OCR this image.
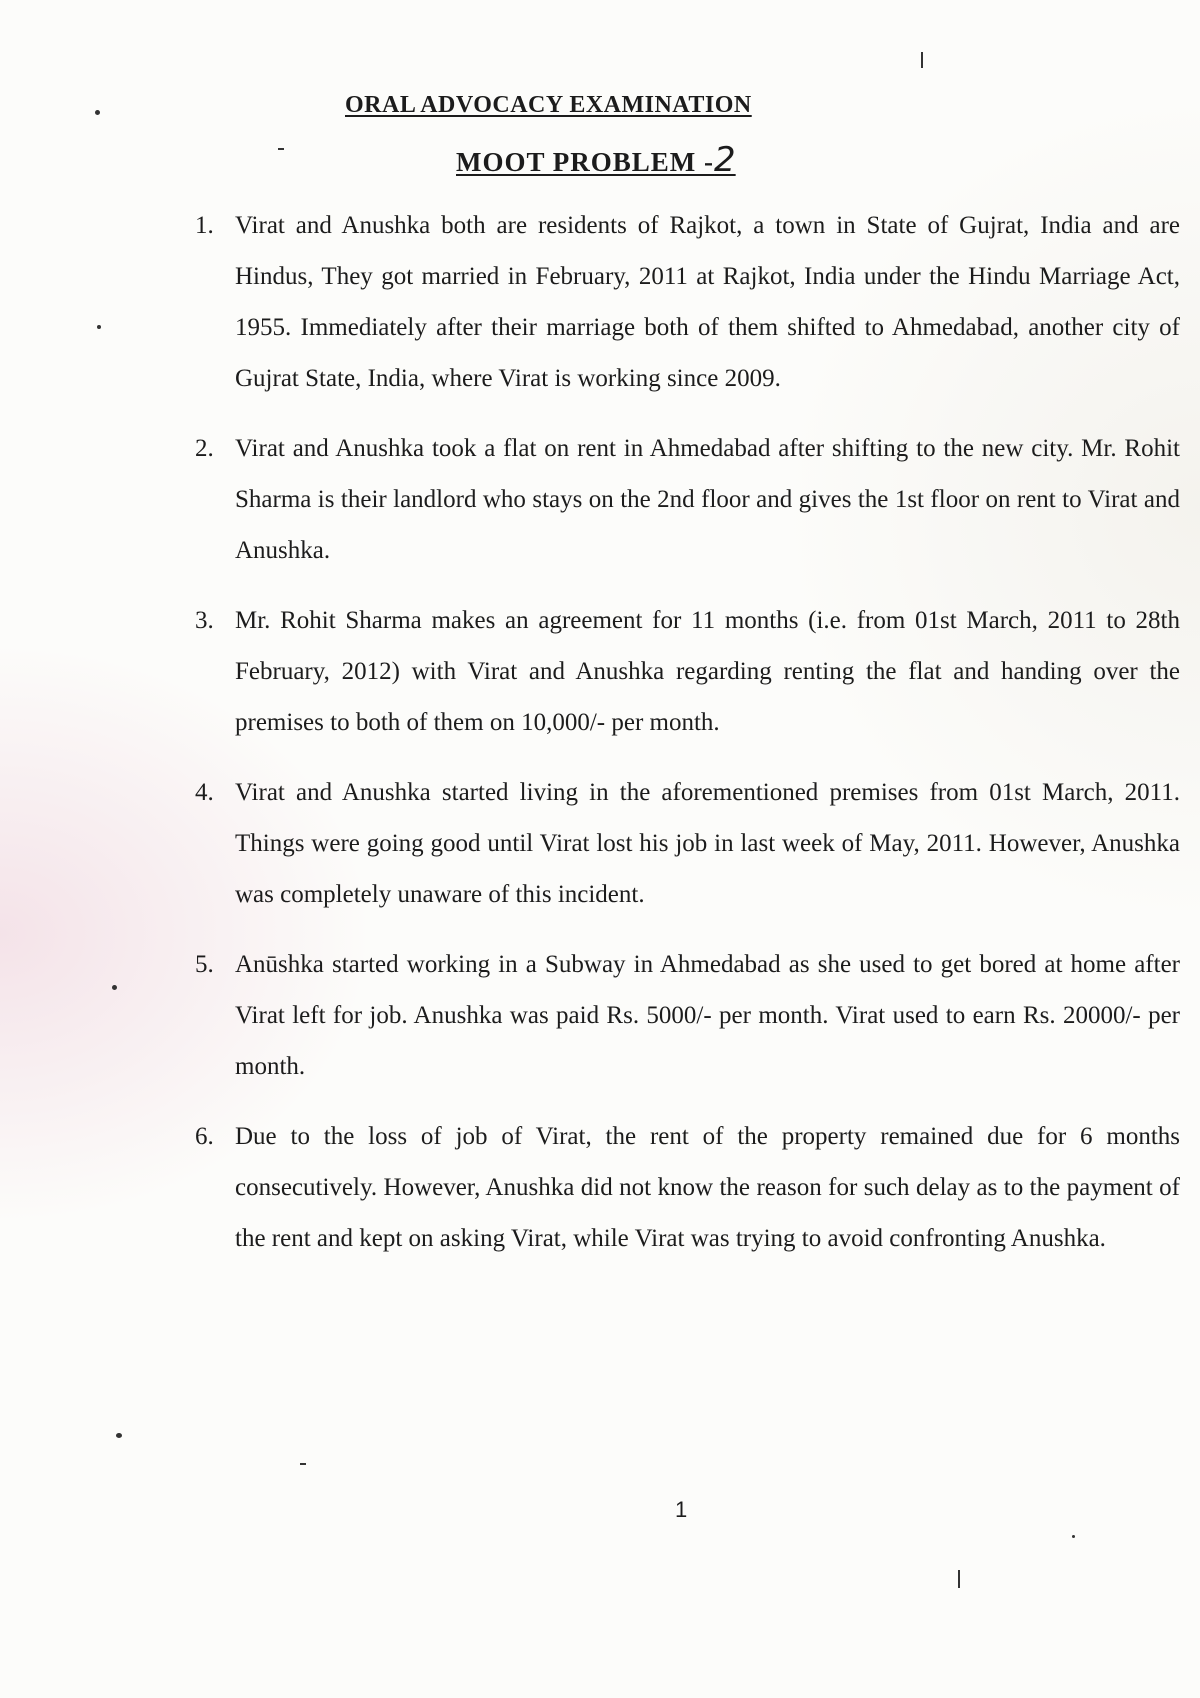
ORAL ADVOCACY EXAMINATION
MOOT PROBLEM -2
1. Virat and Anushka both are residents of Rajkot, a town in State of Gujrat, India and are Hindus, They got married in February, 2011 at Rajkot, India under the Hindu Marriage Act, 1955. Immediately after their marriage both of them shifted to Ahmedabad, another city of Gujrat State, India, where Virat is working since 2009.
2. Virat and Anushka took a flat on rent in Ahmedabad after shifting to the new city. Mr. Rohit Sharma is their landlord who stays on the 2nd floor and gives the 1st floor on rent to Virat and Anushka.
3. Mr. Rohit Sharma makes an agreement for 11 months (i.e. from 01st March, 2011 to 28th February, 2012) with Virat and Anushka regarding renting the flat and handing over the premises to both of them on 10,000/- per month.
4. Virat and Anushka started living in the aforementioned premises from 01st March, 2011. Things were going good until Virat lost his job in last week of May, 2011. However, Anushka was completely unaware of this incident.
5. Anūshka started working in a Subway in Ahmedabad as she used to get bored at home after Virat left for job. Anushka was paid Rs. 5000/- per month. Virat used to earn Rs. 20000/- per month.
6. Due to the loss of job of Virat, the rent of the property remained due for 6 months consecutively. However, Anushka did not know the reason for such delay as to the payment of the rent and kept on asking Virat, while Virat was trying to avoid confronting Anushka.
1
